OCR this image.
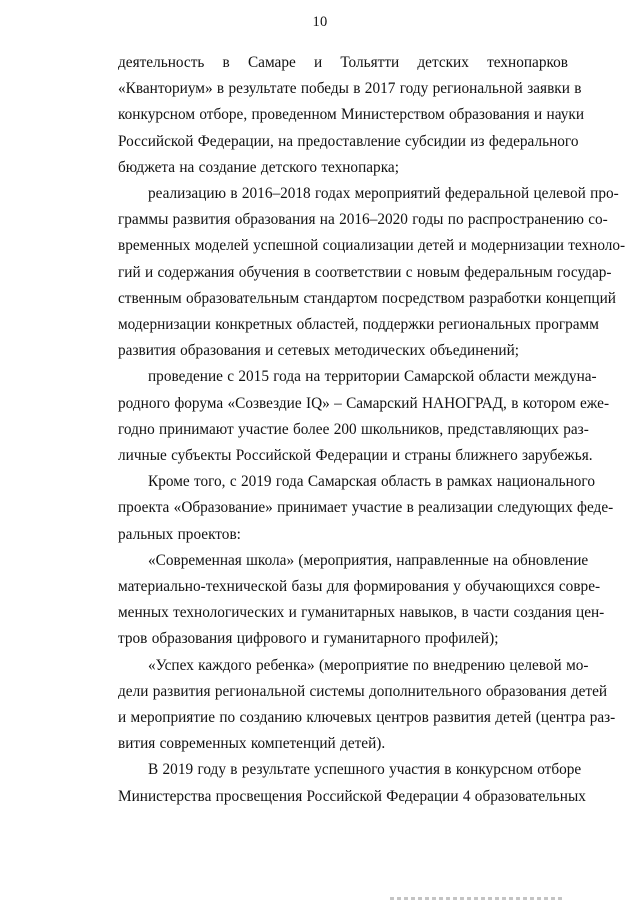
10
деятельность в Самаре и Тольятти детских технопарков
«Кванториум» в результате победы в 2017 году региональной заявки в
конкурсном отборе, проведенном Министерством образования и науки
Российской Федерации, на предоставление субсидии из федерального
бюджета на создание детского технопарка;
реализацию в 2016–2018 годах мероприятий федеральной целевой про-
граммы развития образования на 2016–2020 годы по распространению со-
временных моделей успешной социализации детей и модернизации техноло-
гий и содержания обучения в соответствии с новым федеральным государ-
ственным образовательным стандартом посредством разработки концепций
модернизации конкретных областей, поддержки региональных программ
развития образования и сетевых методических объединений;
проведение с 2015 года на территории Самарской области междуна-
родного форума «Созвездие IQ» – Самарский НАНОГРАД, в котором еже-
годно принимают участие более 200 школьников, представляющих раз-
личные субъекты Российской Федерации и страны ближнего зарубежья.
Кроме того, с 2019 года Самарская область в рамках национального
проекта «Образование» принимает участие в реализации следующих феде-
ральных проектов:
«Современная школа» (мероприятия, направленные на обновление
материально-технической базы для формирования у обучающихся совре-
менных технологических и гуманитарных навыков, в части создания цен-
тров образования цифрового и гуманитарного профилей);
«Успех каждого ребенка» (мероприятие по внедрению целевой мо-
дели развития региональной системы дополнительного образования детей
и мероприятие по созданию ключевых центров развития детей (центра раз-
вития современных компетенций детей).
В 2019 году в результате успешного участия в конкурсном отборе
Министерства просвещения Российской Федерации 4 образовательных
